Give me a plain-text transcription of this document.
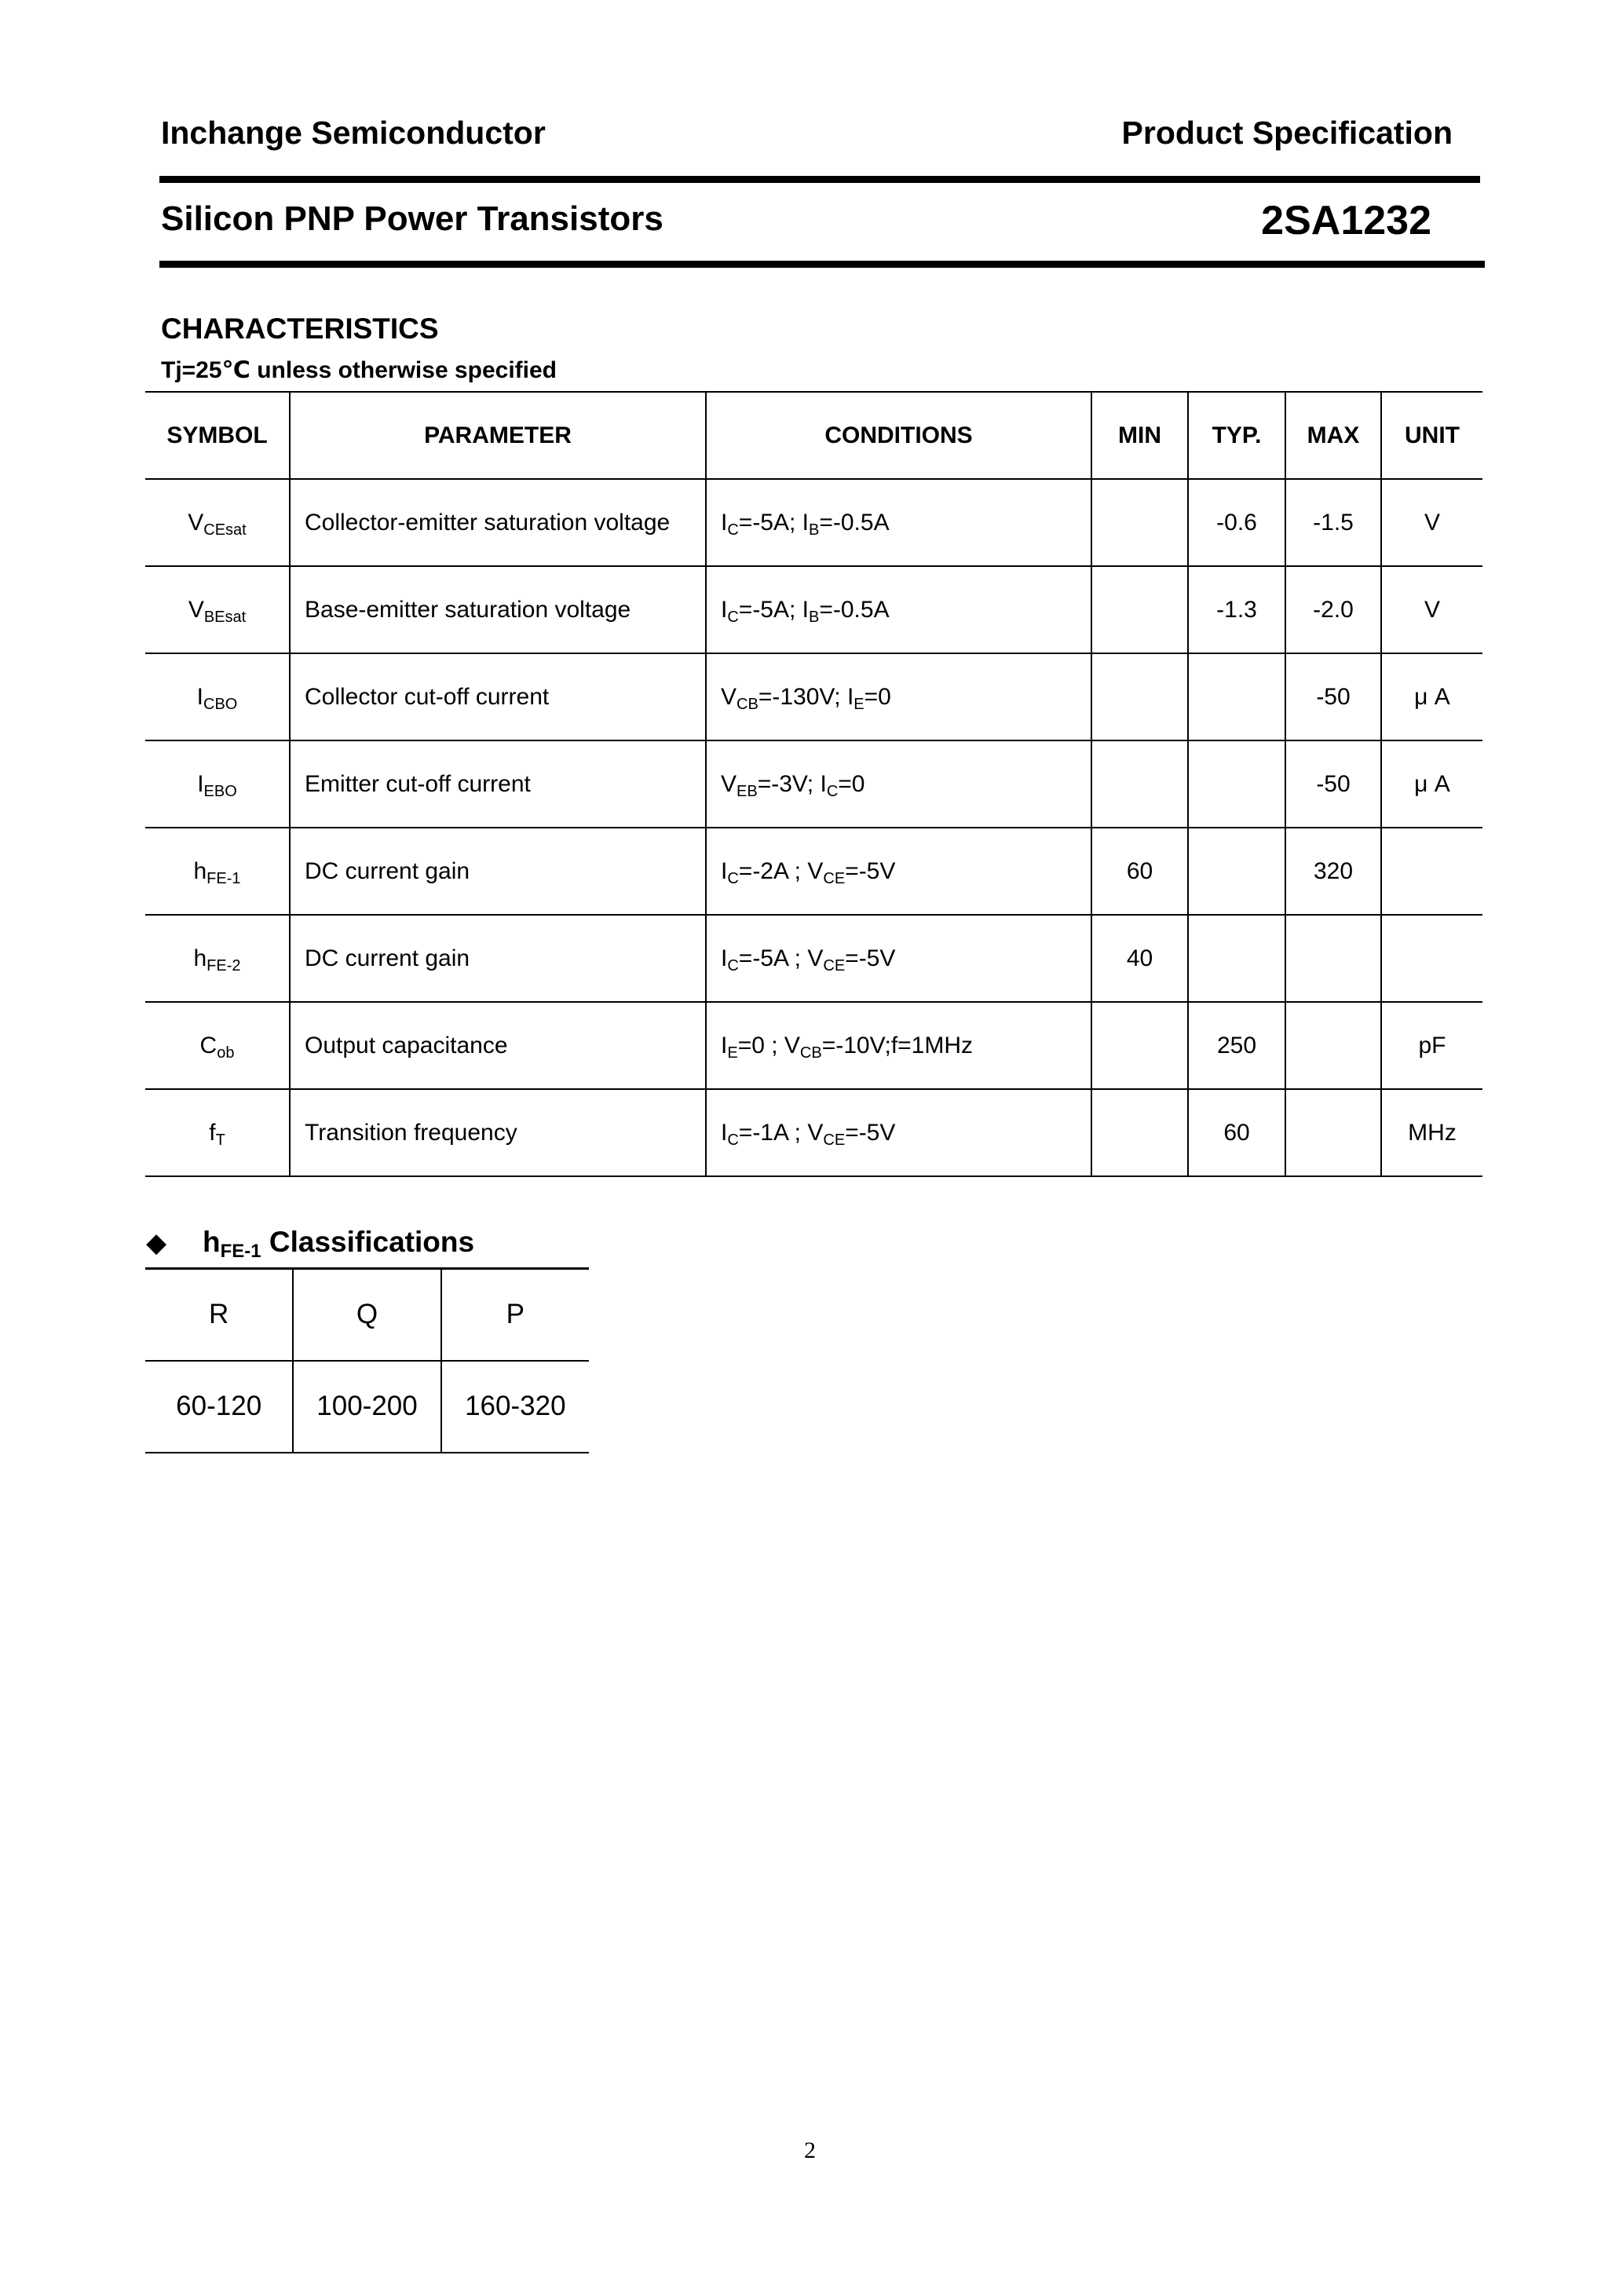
Inchange Semiconductor	Product Specification
Silicon PNP Power Transistors	2SA1232
CHARACTERISTICS
Tj=25℃ unless otherwise specified
SYMBOL	PARAMETER	CONDITIONS	MIN	TYP.	MAX	UNIT
$V_{CEsat}$	Collector-emitter saturation voltage	$I_C=-5A$; $I_B=-0.5A$		-0.6	-1.5	V
$V_{BEsat}$	Base-emitter saturation voltage	$I_C=-5A$; $I_B=-0.5A$		-1.3	-2.0	V
$I_{CBO}$	Collector cut-off current	$V_{CB}=-130V$; $I_E=0$			-50	μ A
$I_{EBO}$	Emitter cut-off current	$V_{EB}=-3V$; $I_C=0$			-50	μ A
$h_{FE-1}$	DC current gain	$I_C=-2A$ ; $V_{CE}=-5V$	60		320	
$h_{FE-2}$	DC current gain	$I_C=-5A$ ; $V_{CE}=-5V$	40			
$C_{ob}$	Output capacitance	$I_E=0$ ; $V_{CB}=-10V;f=1MHz$		250		pF
$f_T$	Transition frequency	$I_C=-1A$ ; $V_{CE}=-5V$		60		MHz
◆ $h_{FE-1}$ Classifications
R	Q	P
60-120	100-200	160-320
2
